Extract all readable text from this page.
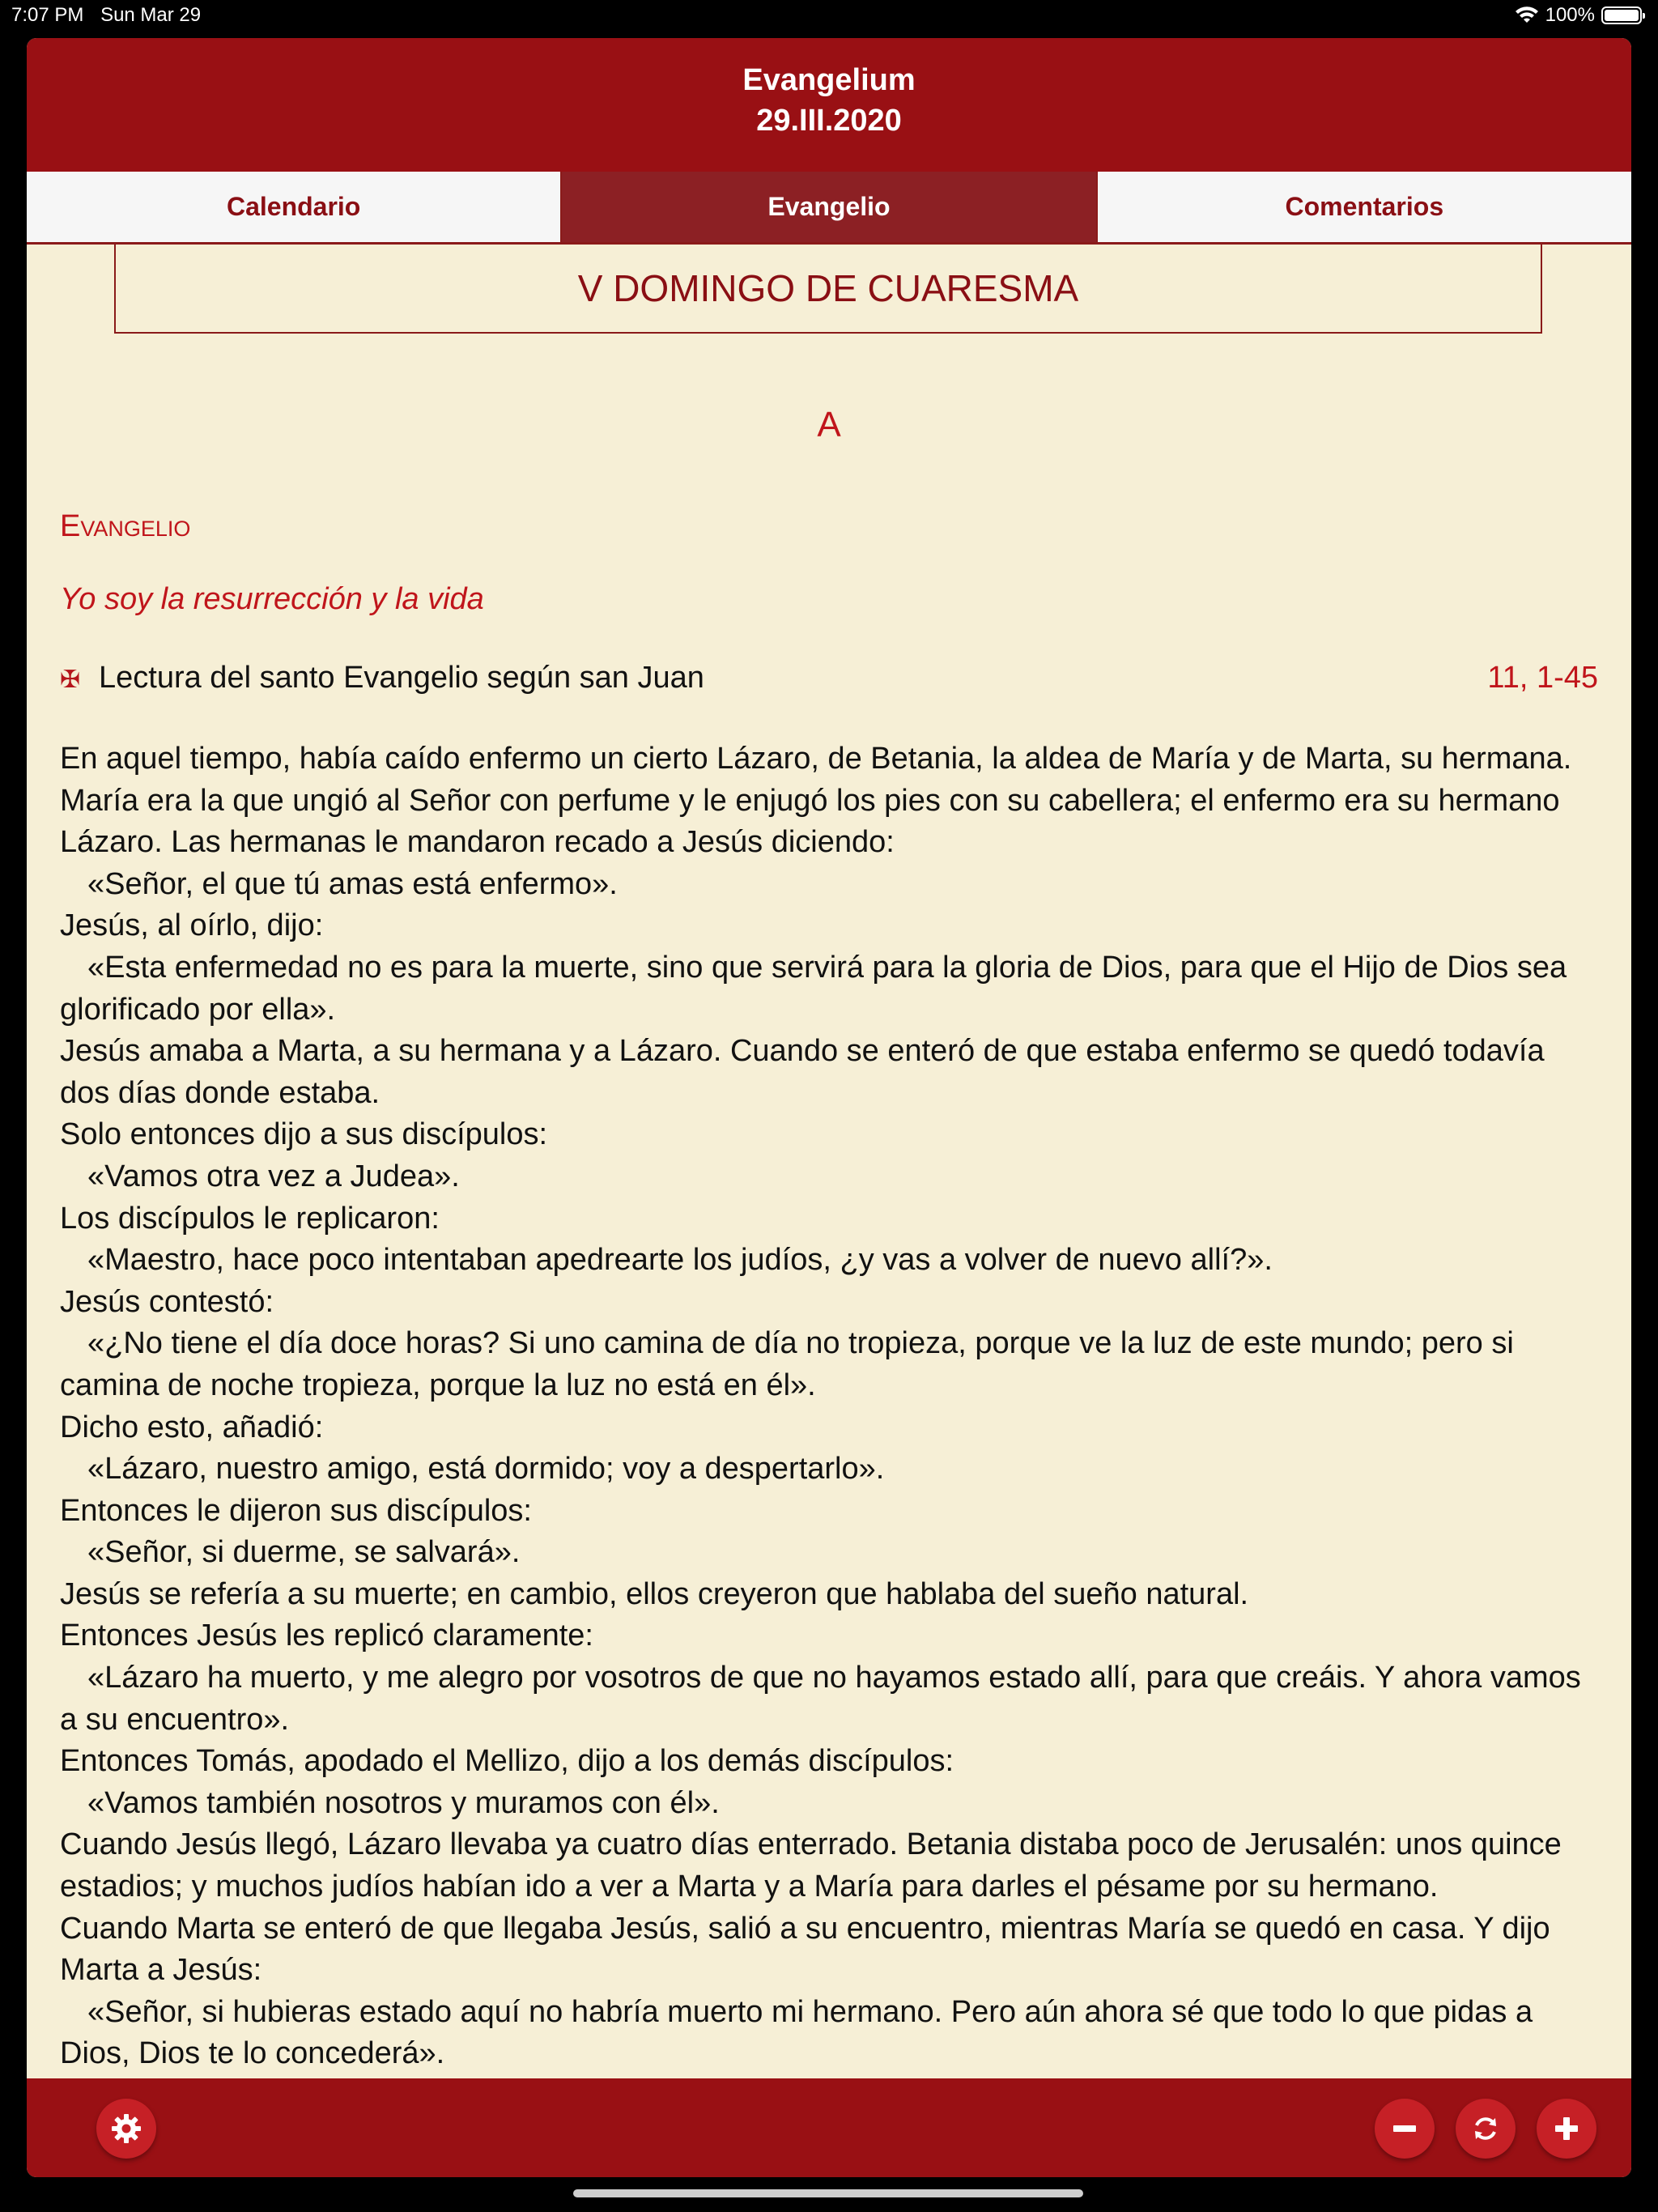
7:07 PM Sun Mar 29	100%
Evangelium
29.III.2020
Calendario	Evangelio	Comentarios
V DOMINGO DE CUARESMA
A
Evangelio
Yo soy la resurrección y la vida
✠ Lectura del santo Evangelio según san Juan	11, 1-45

En aquel tiempo, había caído enfermo un cierto Lázaro, de Betania, la aldea de María y de Marta, su hermana. María era la que ungió al Señor con perfume y le enjugó los pies con su cabellera; el enfermo era su hermano Lázaro. Las hermanas le mandaron recado a Jesús diciendo:

«Señor, el que tú amas está enfermo».

Jesús, al oírlo, dijo:

«Esta enfermedad no es para la muerte, sino que servirá para la gloria de Dios, para que el Hijo de Dios sea glorificado por ella».

Jesús amaba a Marta, a su hermana y a Lázaro. Cuando se enteró de que estaba enfermo se quedó todavía dos días donde estaba.

Solo entonces dijo a sus discípulos:

«Vamos otra vez a Judea».

Los discípulos le replicaron:

«Maestro, hace poco intentaban apedrearte los judíos, ¿y vas a volver de nuevo allí?».

Jesús contestó:

«¿No tiene el día doce horas? Si uno camina de día no tropieza, porque ve la luz de este mundo; pero si camina de noche tropieza, porque la luz no está en él».

Dicho esto, añadió:

«Lázaro, nuestro amigo, está dormido; voy a despertarlo».

Entonces le dijeron sus discípulos:

«Señor, si duerme, se salvará».

Jesús se refería a su muerte; en cambio, ellos creyeron que hablaba del sueño natural.

Entonces Jesús les replicó claramente:

«Lázaro ha muerto, y me alegro por vosotros de que no hayamos estado allí, para que creáis. Y ahora vamos a su encuentro».

Entonces Tomás, apodado el Mellizo, dijo a los demás discípulos:

«Vamos también nosotros y muramos con él».

Cuando Jesús llegó, Lázaro llevaba ya cuatro días enterrado. Betania distaba poco de Jerusalén: unos quince estadios; y muchos judíos habían ido a ver a Marta y a María para darles el pésame por su hermano.

Cuando Marta se enteró de que llegaba Jesús, salió a su encuentro, mientras María se quedó en casa. Y dijo Marta a Jesús:

«Señor, si hubieras estado aquí no habría muerto mi hermano. Pero aún ahora sé que todo lo que pidas a Dios, Dios te lo concederá».
